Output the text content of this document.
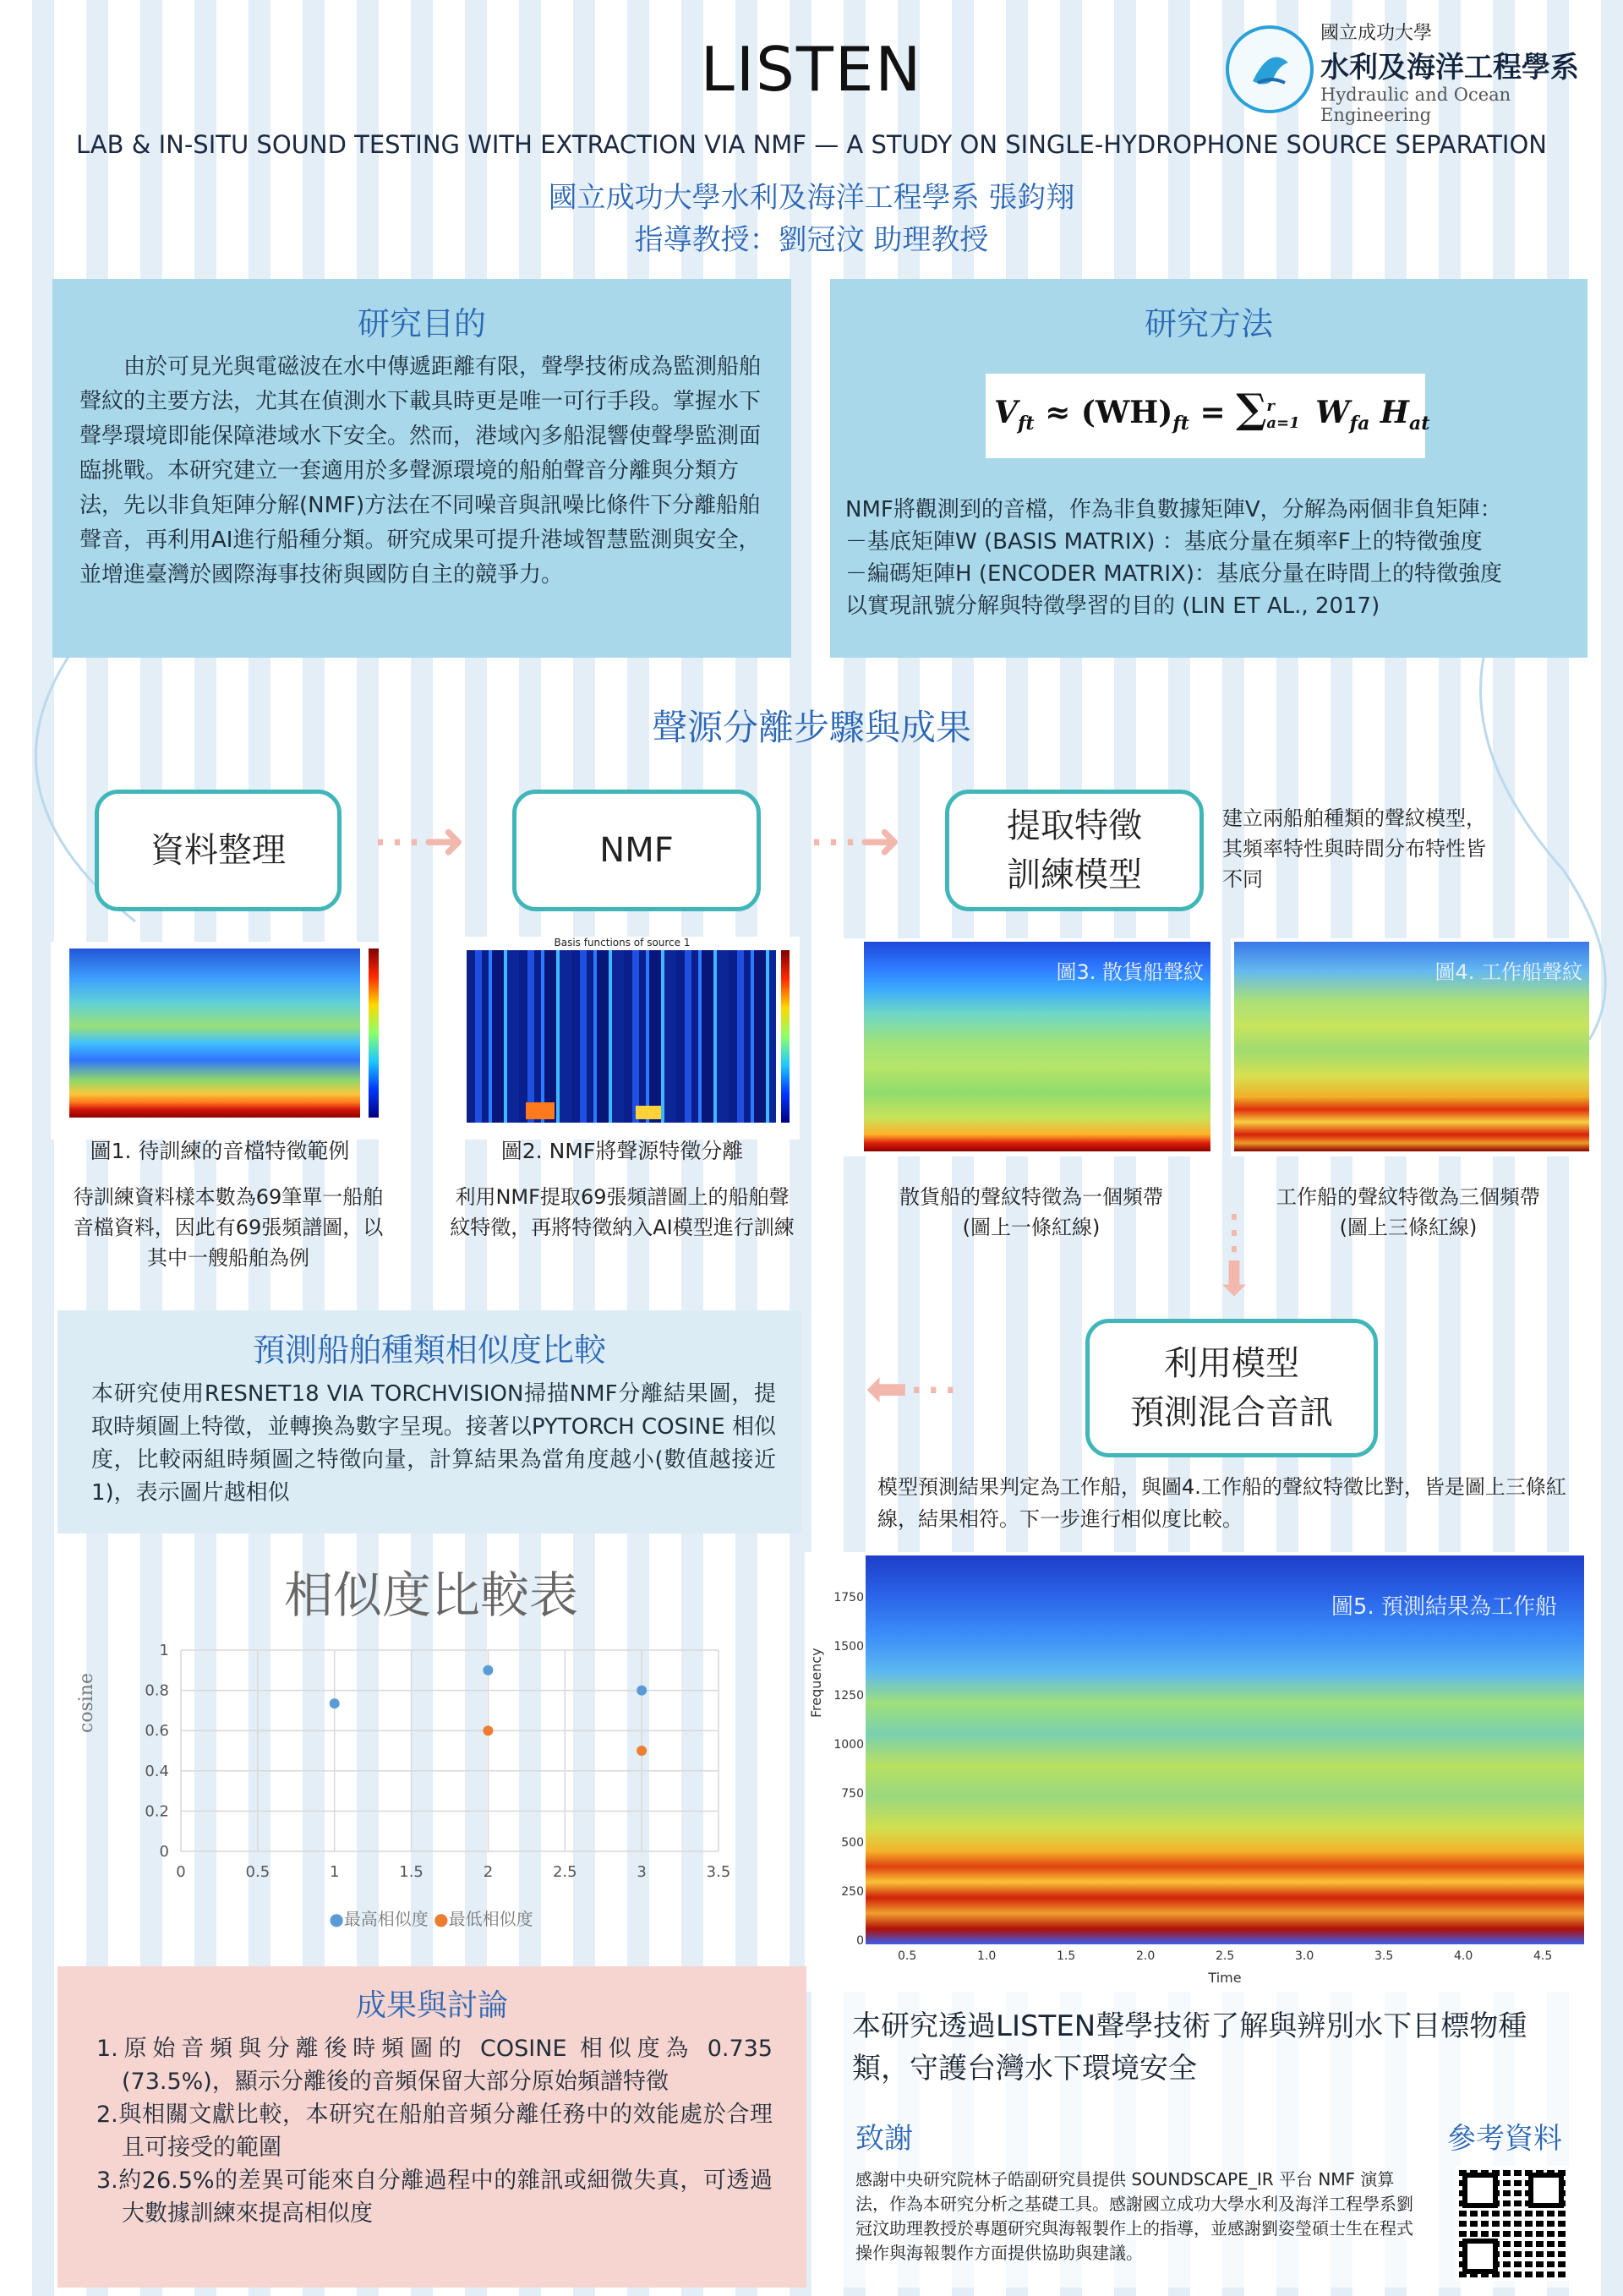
LISTEN
LAB & IN-SITU SOUND TESTING WITH EXTRACTION VIA NMF — A STUDY ON SINGLE-HYDROPHONE SOURCE SEPARATION
國立成功大學水利及海洋工程學系 張鈞翔
指導教授：劉冠汶 助理教授
國立成功大學
水利及海洋工程學系
Hydraulic and Ocean Engineering
研究目的
由於可見光與電磁波在水中傳遞距離有限，聲學技術成為監測船舶聲紋的主要方法，尤其在偵測水下載具時更是唯一可行手段。掌握水下聲學環境即能保障港域水下安全。然而，港域內多船混響使聲學監測面臨挑戰。本研究建立一套適用於多聲源環境的船舶聲音分離與分類方法，先以非負矩陣分解(NMF)方法在不同噪音與訊噪比條件下分離船舶聲音，再利用AI進行船種分類。研究成果可提升港域智慧監測與安全，並增進臺灣於國際海事技術與國防自主的競爭力。
研究方法
NMF將觀測到的音檔，作為非負數據矩陣V，分解為兩個非負矩陣：
－基底矩陣W (BASIS MATRIX) ：基底分量在頻率F上的特徵強度
－編碼矩陣H (ENCODER MATRIX)：基底分量在時間上的特徵強度
以實現訊號分解與特徵學習的目的 (LIN ET AL., 2017)
$V_{ft} \approx (WH)_{ft}$ = ∑ r
a=1 $W_{fa}$ $H_{at}$
聲源分離步驟與成果
資料整理	⋯➜	NMF	⋯➜	提取特徵
訓練模型
建立兩船舶種類的聲紋模型，
其頻率特性與時間分布特性皆
不同
Basis functions of source 1
圖3. 散貨船聲紋	圖4. 工作船聲紋
圖1. 待訓練的音檔特徵範例	圖2. NMF將聲源特徵分離
待訓練資料樣本數為69筆單一船舶
音檔資料，因此有69張頻譜圖，以
其中一艘船舶為例
利用NMF提取69張頻譜圖上的船舶聲
紋特徵，再將特徵納入AI模型進行訓練
散貨船的聲紋特徵為一個頻帶
(圖上一條紅線)
工作船的聲紋特徵為三個頻帶
(圖上三條紅線)
⋮
⬇
預測船舶種類相似度比較
本研究使用RESNET18 VIA TORCHVISION掃描NMF分離結果圖，提取時頻圖上特徵，並轉換為數字呈現。接著以PYTORCH COSINE 相似度，比較兩組時頻圖之特徵向量，計算結果為當角度越小(數值越接近 1)，表示圖片越相似
⬅⋯	利用模型
預測混合音訊
模型預測結果判定為工作船，與圖4.工作船的聲紋特徵比對，皆是圖上三條紅線，結果相符。下一步進行相似度比較。
相似度比較表
cosine
0
0.2
0.4
0.6
0.8
1
0	0.5	1	1.5	2	2.5	3	3.5
●最高相似度 ●最低相似度
圖5. 預測結果為工作船
Frequency
0
250
500
750
1000
1250
1500
1750
0.5	1.0	1.5	2.0	2.5	3.0	3.5	4.0	4.5
Time
成果與討論
1.原始音頻與分離後時頻圖的 COSINE 相似度為 0.735 (73.5%)，顯示分離後的音頻保留大部分原始頻譜特徵
2.與相關文獻比較，本研究在船舶音頻分離任務中的效能處於合理且可接受的範圍
3.約26.5%的差異可能來自分離過程中的雜訊或細微失真，可透過大數據訓練來提高相似度
本研究透過LISTEN聲學技術了解與辨別水下目標物種類，守護台灣水下環境安全
致謝	參考資料
感謝中央研究院林子皓副研究員提供 SOUNDSCAPE_IR 平台 NMF 演算法，作為本研究分析之基礎工具。感謝國立成功大學水利及海洋工程學系劉冠汶助理教授於專題研究與海報製作上的指導，並感謝劉姿瑩碩士生在程式操作與海報製作方面提供協助與建議。
